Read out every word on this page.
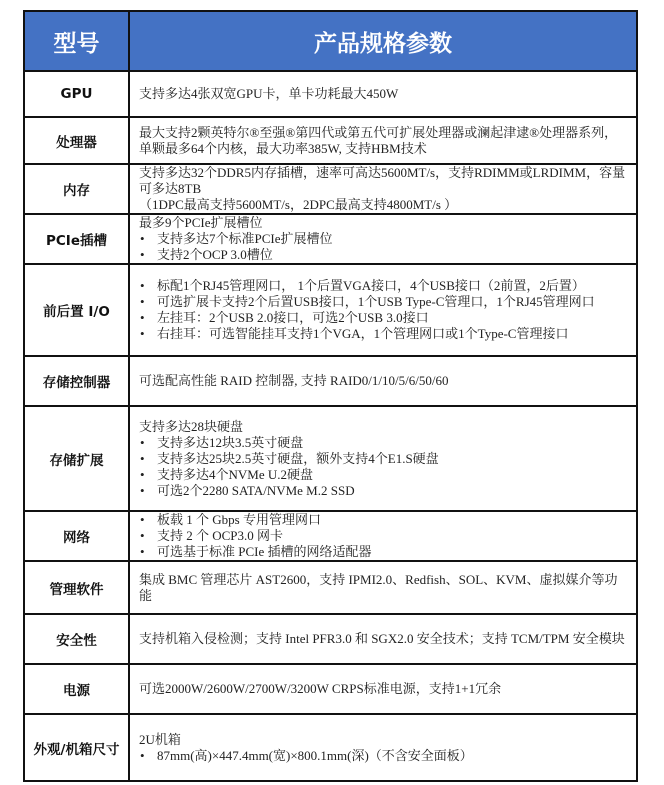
型号	产品规格参数
GPU	支持多达4张双宽GPU卡，单卡功耗最大450W

处理器	最大支持2颗英特尔®至强®第四代或第五代可扩展处理器或澜起津逮®处理器系列，单颗最多64个内核，最大功率385W, 支持HBM技术

内存	支持多达32个DDR5内存插槽，速率可高达5600MT/s，支持RDIMM或LRDIMM，容量可多达8TB
（1DPC最高支持5600MT/s，2DPC最高支持4800MT/s ）

PCIe插槽	最多9个PCIe扩展槽位
• 支持多达7个标准PCIe扩展槽位
• 支持2个OCP 3.0槽位

前后置 I/O	• 标配1个RJ45管理网口， 1个后置VGA接口，4个USB接口（2前置，2后置）
• 可选扩展卡支持2个后置USB接口，1个USB Type-C管理口，1个RJ45管理网口
• 左挂耳：2个USB 2.0接口，可选2个USB 3.0接口
• 右挂耳：可选智能挂耳支持1个VGA，1个管理网口或1个Type-C管理接口

存储控制器	可选配高性能 RAID 控制器, 支持 RAID0/1/10/5/6/50/60

存储扩展	支持多达28块硬盘
• 支持多达12块3.5英寸硬盘
• 支持多达25块2.5英寸硬盘，额外支持4个E1.S硬盘
• 支持多达4个NVMe U.2硬盘
• 可选2个2280 SATA/NVMe M.2 SSD

网络	• 板载 1 个 Gbps 专用管理网口
• 支持 2 个 OCP3.0 网卡
• 可选基于标准 PCIe 插槽的网络适配器

管理软件	集成 BMC 管理芯片 AST2600，支持 IPMI2.0、Redfish、SOL、KVM、虚拟媒介等功能

安全性	支持机箱入侵检测；支持 Intel PFR3.0 和 SGX2.0 安全技术；支持 TCM/TPM 安全模块

电源	可选2000W/2600W/2700W/3200W CRPS标准电源，支持1+1冗余

外观/机箱尺寸	2U机箱
• 87mm(高)×447.4mm(宽)×800.1mm(深)（不含安全面板）
